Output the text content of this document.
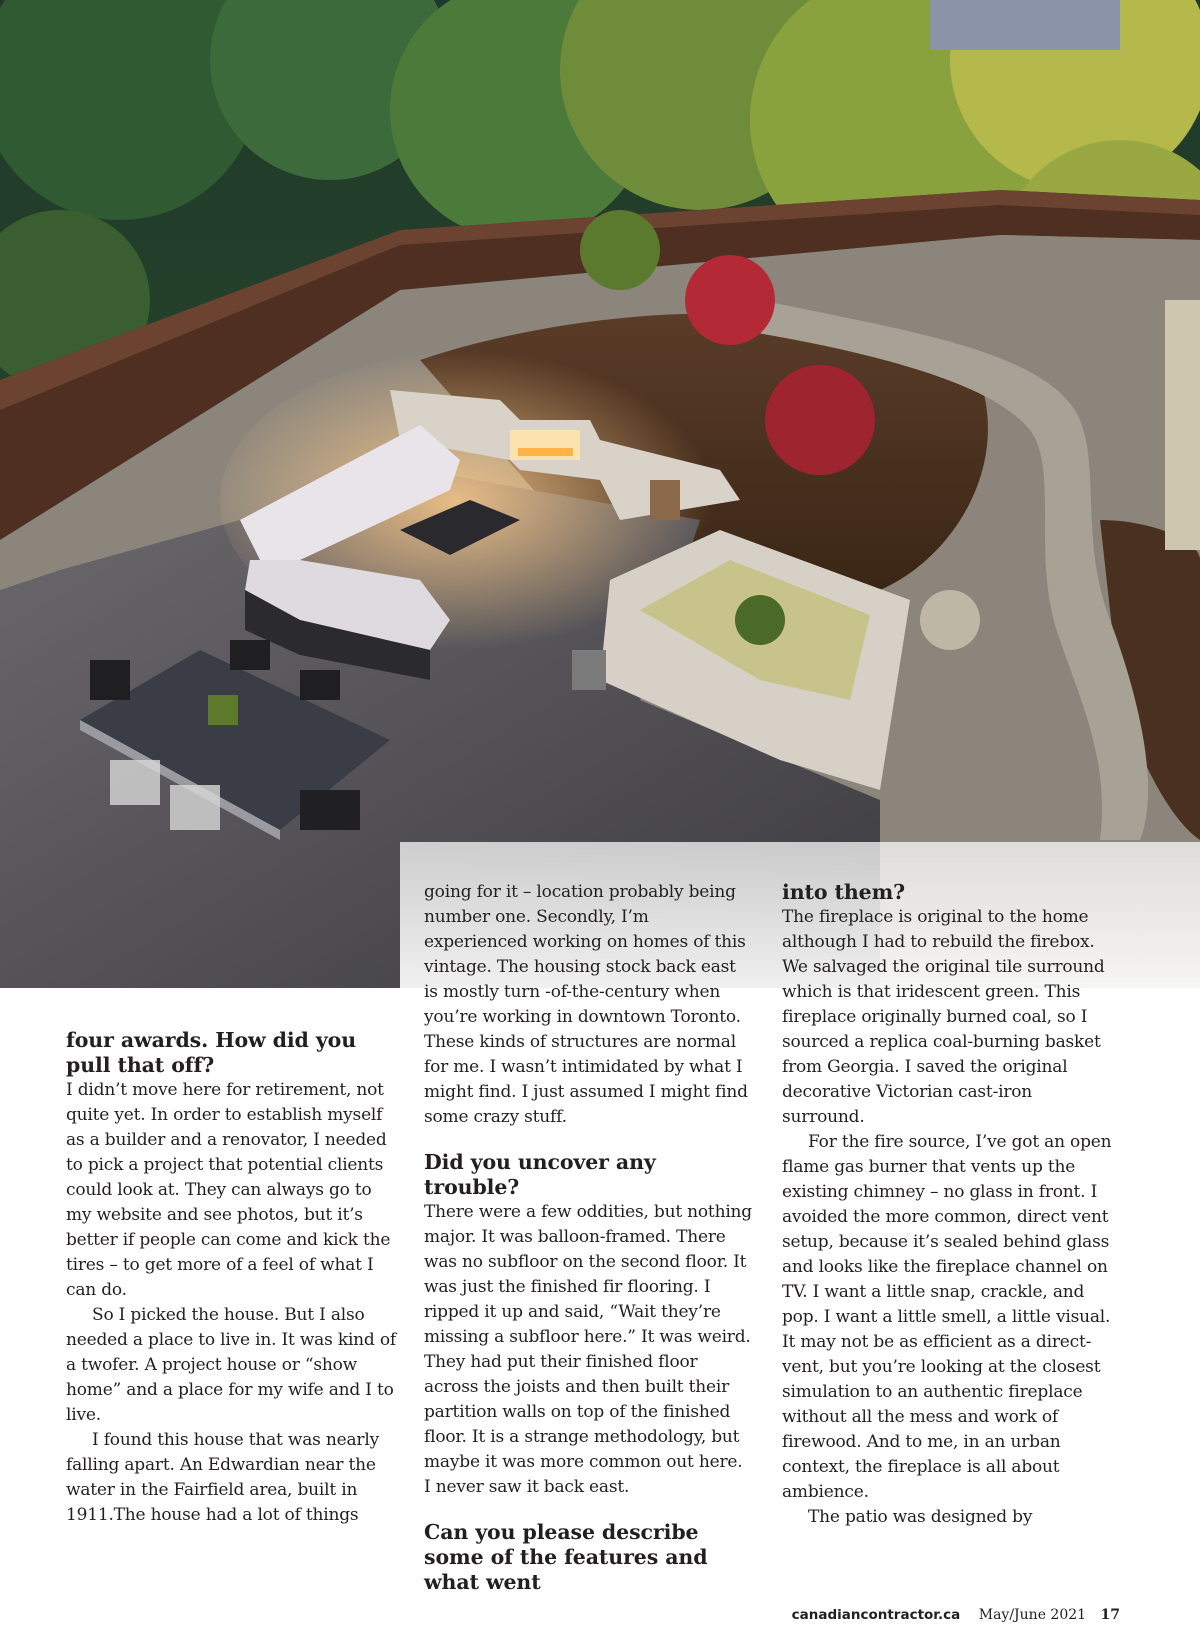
four awards. How did you pull that off?

I didn’t move here for retirement, not quite yet. In order to establish myself as a builder and a renovator, I needed to pick a project that potential clients could look at. They can always go to my website and see photos, but it’s better if people can come and kick the tires – to get more of a feel of what I can do.

So I picked the house. But I also needed a place to live in. It was kind of a twofer. A project house or “show home” and a place for my wife and I to live.

I found this house that was nearly falling apart. An Edwardian near the water in the Fairfield area, built in 1911.The house had a lot of things

going for it – location probably being number one. Secondly, I’m experienced working on homes of this vintage. The housing stock back east is mostly turn -of-the-century when you’re working in downtown Toronto. These kinds of structures are normal for me. I wasn’t intimidated by what I might find. I just assumed I might find some crazy stuff.

Did you uncover any trouble?

There were a few oddities, but nothing major. It was balloon-framed. There was no subfloor on the second floor. It was just the finished fir flooring. I ripped it up and said, “Wait they’re missing a subfloor here.” It was weird. They had put their finished floor across the joists and then built their partition walls on top of the finished floor. It is a strange methodology, but maybe it was more common out here. I never saw it back east.

Can you please describe some of the features and what went
into them?

The fireplace is original to the home although I had to rebuild the firebox. We salvaged the original tile surround which is that iridescent green. This fireplace originally burned coal, so I sourced a replica coal-burning basket from Georgia. I saved the original decorative Victorian cast-iron surround.

For the fire source, I’ve got an open flame gas burner that vents up the existing chimney – no glass in front. I avoided the more common, direct vent setup, because it’s sealed behind glass and looks like the fireplace channel on TV. I want a little snap, crackle, and pop. I want a little smell, a little visual. It may not be as efficient as a direct-vent, but you’re looking at the closest simulation to an authentic fireplace without all the mess and work of firewood. And to me, in an urban context, the fireplace is all about ambience.

The patio was designed by

canadiancontractor.ca May/June 2021 17
